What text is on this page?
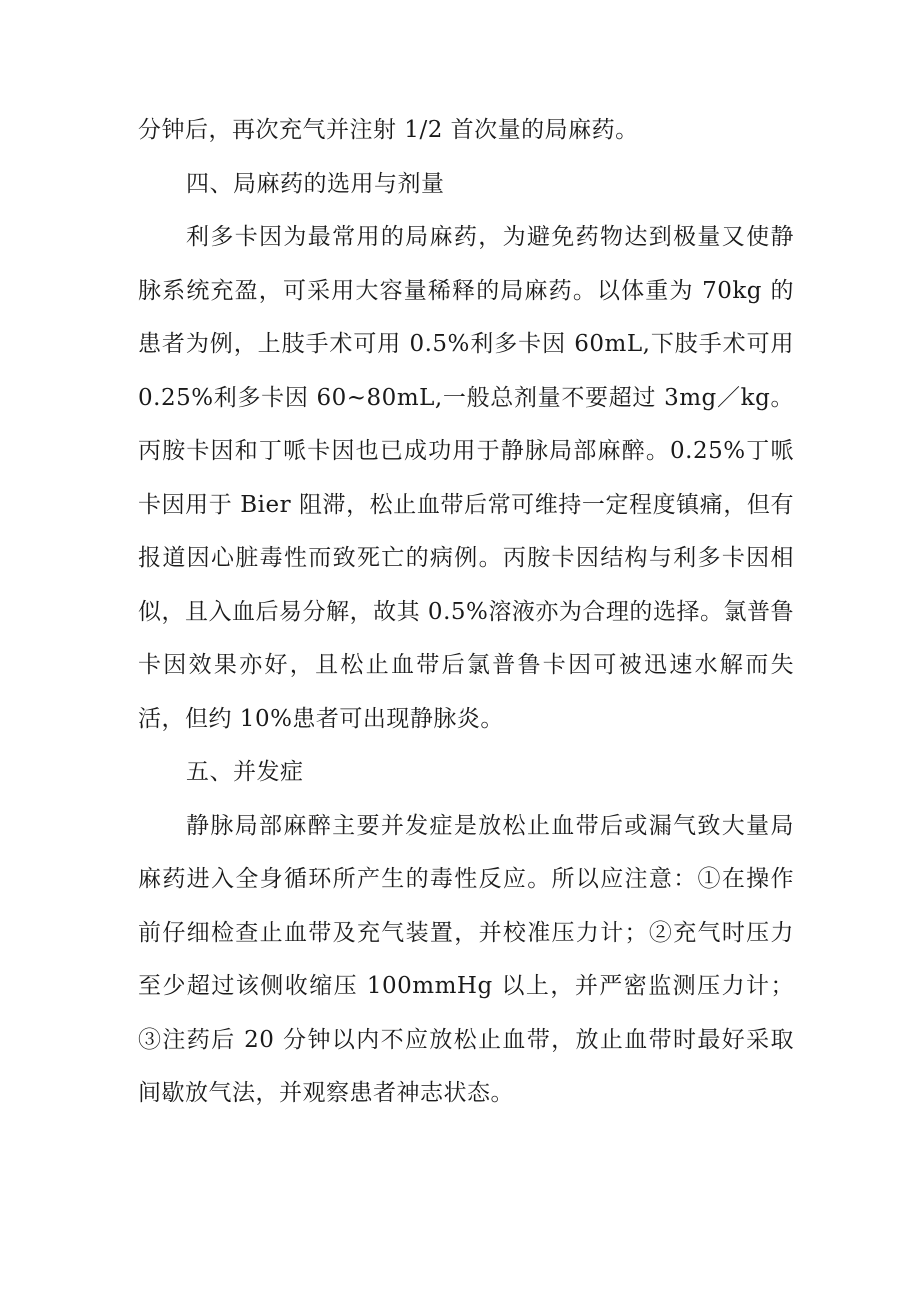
分钟后，再次充气并注射 1/2 首次量的局麻药。

四、局麻药的选用与剂量

利多卡因为最常用的局麻药，为避免药物达到极量又使静脉系统充盈，可采用大容量稀释的局麻药。以体重为 70kg 的患者为例，上肢手术可用 0.5%利多卡因 60mL,下肢手术可用 0.25%利多卡因 60~80mL,一般总剂量不要超过 3mg／kg。丙胺卡因和丁哌卡因也已成功用于静脉局部麻醉。0.25%丁哌卡因用于 Bier 阻滞，松止血带后常可维持一定程度镇痛，但有报道因心脏毒性而致死亡的病例。丙胺卡因结构与利多卡因相似，且入血后易分解，故其 0.5%溶液亦为合理的选择。氯普鲁卡因效果亦好，且松止血带后氯普鲁卡因可被迅速水解而失活，但约 10%患者可出现静脉炎。

五、并发症

静脉局部麻醉主要并发症是放松止血带后或漏气致大量局麻药进入全身循环所产生的毒性反应。所以应注意：①在操作前仔细检查止血带及充气装置，并校准压力计；②充气时压力至少超过该侧收缩压 100mmHg 以上，并严密监测压力计；③注药后 20 分钟以内不应放松止血带，放止血带时最好采取间歇放气法，并观察患者神志状态。
